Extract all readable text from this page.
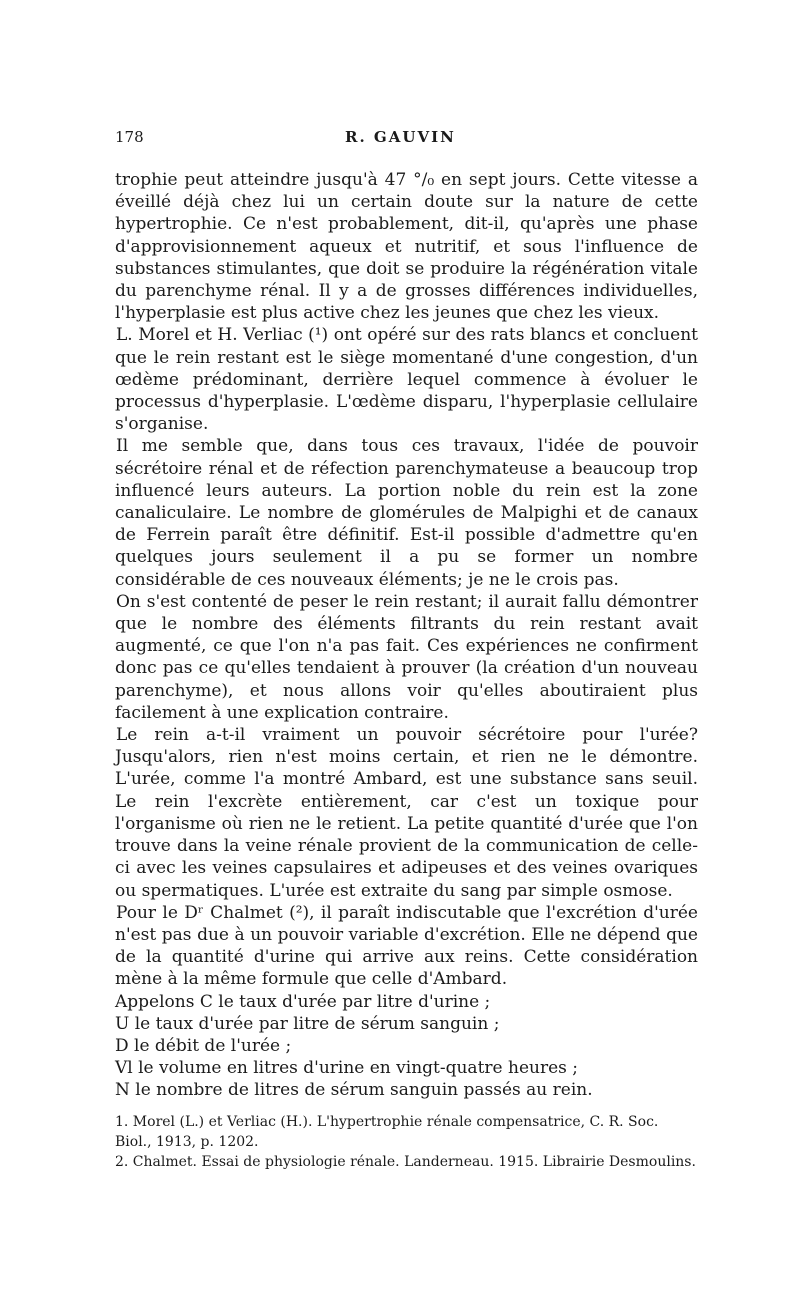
178	R. GAUVIN

trophie peut atteindre jusqu'à 47 °/₀ en sept jours. Cette vitesse a éveillé déjà chez lui un certain doute sur la nature de cette hypertrophie. Ce n'est probablement, dit-il, qu'après une phase d'approvisionnement aqueux et nutritif, et sous l'influence de substances stimulantes, que doit se produire la régénération vitale du parenchyme rénal. Il y a de grosses différences individuelles, l'hyperplasie est plus active chez les jeunes que chez les vieux.

L. Morel et H. Verliac (¹) ont opéré sur des rats blancs et concluent que le rein restant est le siège momentané d'une congestion, d'un œdème prédominant, derrière lequel commence à évoluer le processus d'hyperplasie. L'œdème disparu, l'hyperplasie cellulaire s'organise.

Il me semble que, dans tous ces travaux, l'idée de pouvoir sécrétoire rénal et de réfection parenchymateuse a beaucoup trop influencé leurs auteurs. La portion noble du rein est la zone canaliculaire. Le nombre de glomérules de Malpighi et de canaux de Ferrein paraît être définitif. Est-il possible d'admettre qu'en quelques jours seulement il a pu se former un nombre considérable de ces nouveaux éléments; je ne le crois pas.

On s'est contenté de peser le rein restant; il aurait fallu démontrer que le nombre des éléments filtrants du rein restant avait augmenté, ce que l'on n'a pas fait. Ces expériences ne confirment donc pas ce qu'elles tendaient à prouver (la création d'un nouveau parenchyme), et nous allons voir qu'elles aboutiraient plus facilement à une explication contraire.

Le rein a-t-il vraiment un pouvoir sécrétoire pour l'urée? Jusqu'alors, rien n'est moins certain, et rien ne le démontre. L'urée, comme l'a montré Ambard, est une substance sans seuil. Le rein l'excrète entièrement, car c'est un toxique pour l'organisme où rien ne le retient. La petite quantité d'urée que l'on trouve dans la veine rénale provient de la communication de celle-ci avec les veines capsulaires et adipeuses et des veines ovariques ou spermatiques. L'urée est extraite du sang par simple osmose.

Pour le Dʳ Chalmet (²), il paraît indiscutable que l'excrétion d'urée n'est pas due à un pouvoir variable d'excrétion. Elle ne dépend que de la quantité d'urine qui arrive aux reins. Cette considération mène à la même formule que celle d'Ambard.

Appelons C le taux d'urée par litre d'urine ;

U le taux d'urée par litre de sérum sanguin ;

D le débit de l'urée ;

Vl le volume en litres d'urine en vingt-quatre heures ;

N le nombre de litres de sérum sanguin passés au rein.

1. Morel (L.) et Verliac (H.). L'hypertrophie rénale compensatrice, C. R. Soc. Biol., 1913, p. 1202.

2. Chalmet. Essai de physiologie rénale. Landerneau. 1915. Librairie Desmoulins.
